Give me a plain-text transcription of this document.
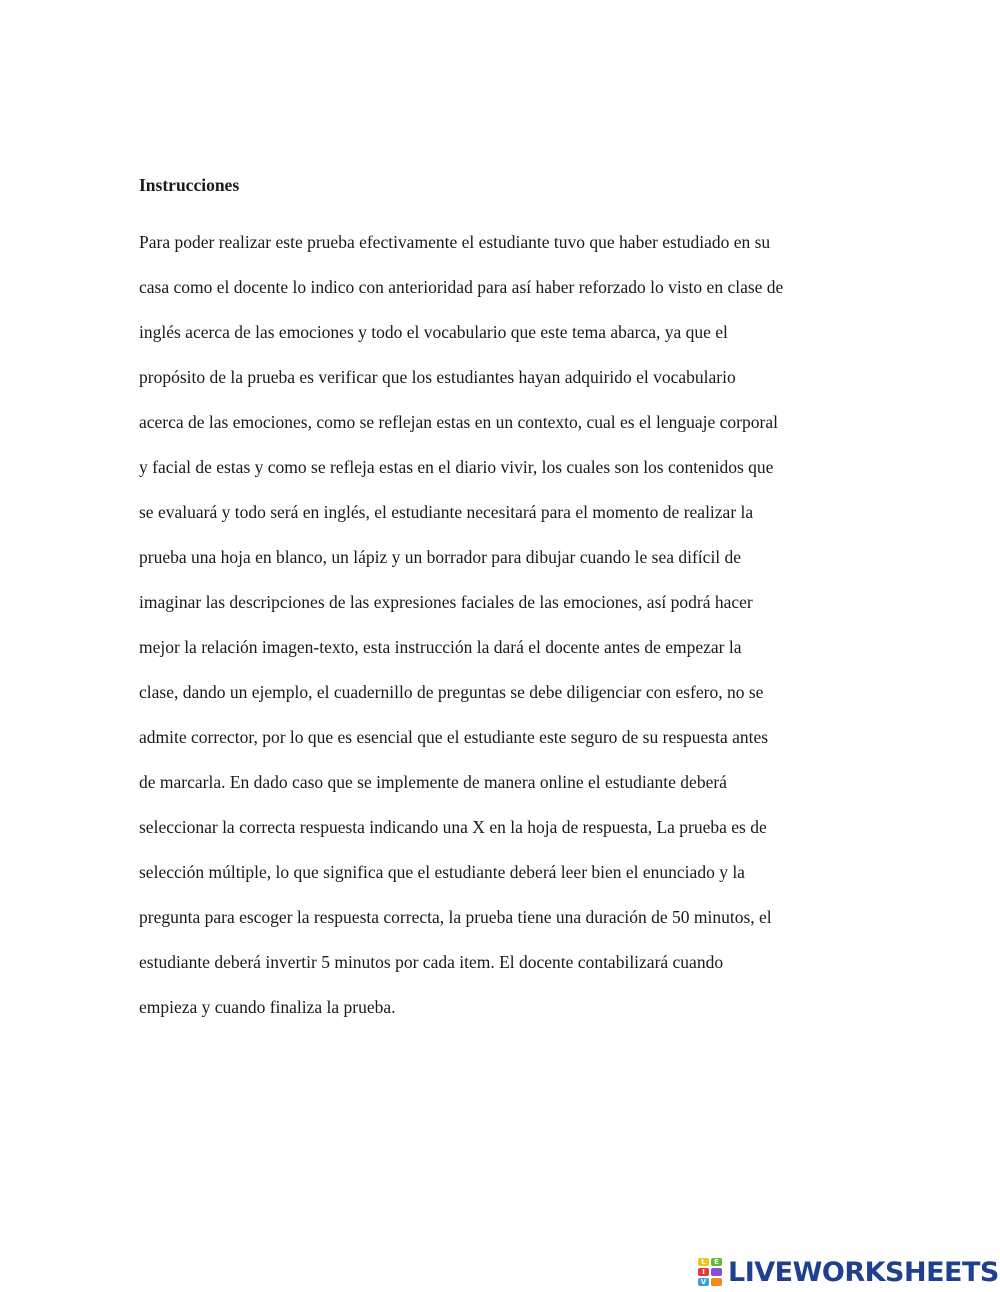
Instrucciones
Para poder realizar este prueba efectivamente el estudiante tuvo que haber estudiado en su
casa como el docente lo indico con anterioridad para así haber reforzado lo visto en clase de
inglés acerca de las emociones y todo el vocabulario que este tema abarca, ya que el
propósito de la prueba es verificar que los estudiantes hayan adquirido el vocabulario
acerca de las emociones, como se reflejan estas en un contexto, cual es el lenguaje corporal
y facial de estas y como se refleja estas en el diario vivir, los cuales son los contenidos que
se evaluará y todo será en inglés, el estudiante necesitará para el momento de realizar la
prueba una hoja en blanco, un lápiz y un borrador para dibujar cuando le sea difícil de
imaginar las descripciones de las expresiones faciales de las emociones, así podrá hacer
mejor la relación imagen-texto, esta instrucción la dará el docente antes de empezar la
clase, dando un ejemplo, el cuadernillo de preguntas se debe diligenciar con esfero, no se
admite corrector, por lo que es esencial que el estudiante este seguro de su respuesta antes
de marcarla. En dado caso que se implemente de manera online el estudiante deberá
seleccionar la correcta respuesta indicando una X en la hoja de respuesta, La prueba es de
selección múltiple, lo que significa que el estudiante deberá leer bien el enunciado y la
pregunta para escoger la respuesta correcta, la prueba tiene una duración de 50 minutos, el
estudiante deberá invertir 5 minutos por cada item. El docente contabilizará cuando
empieza y cuando finaliza la prueba.
L
I
V
E LIVEWORKSHEETS
